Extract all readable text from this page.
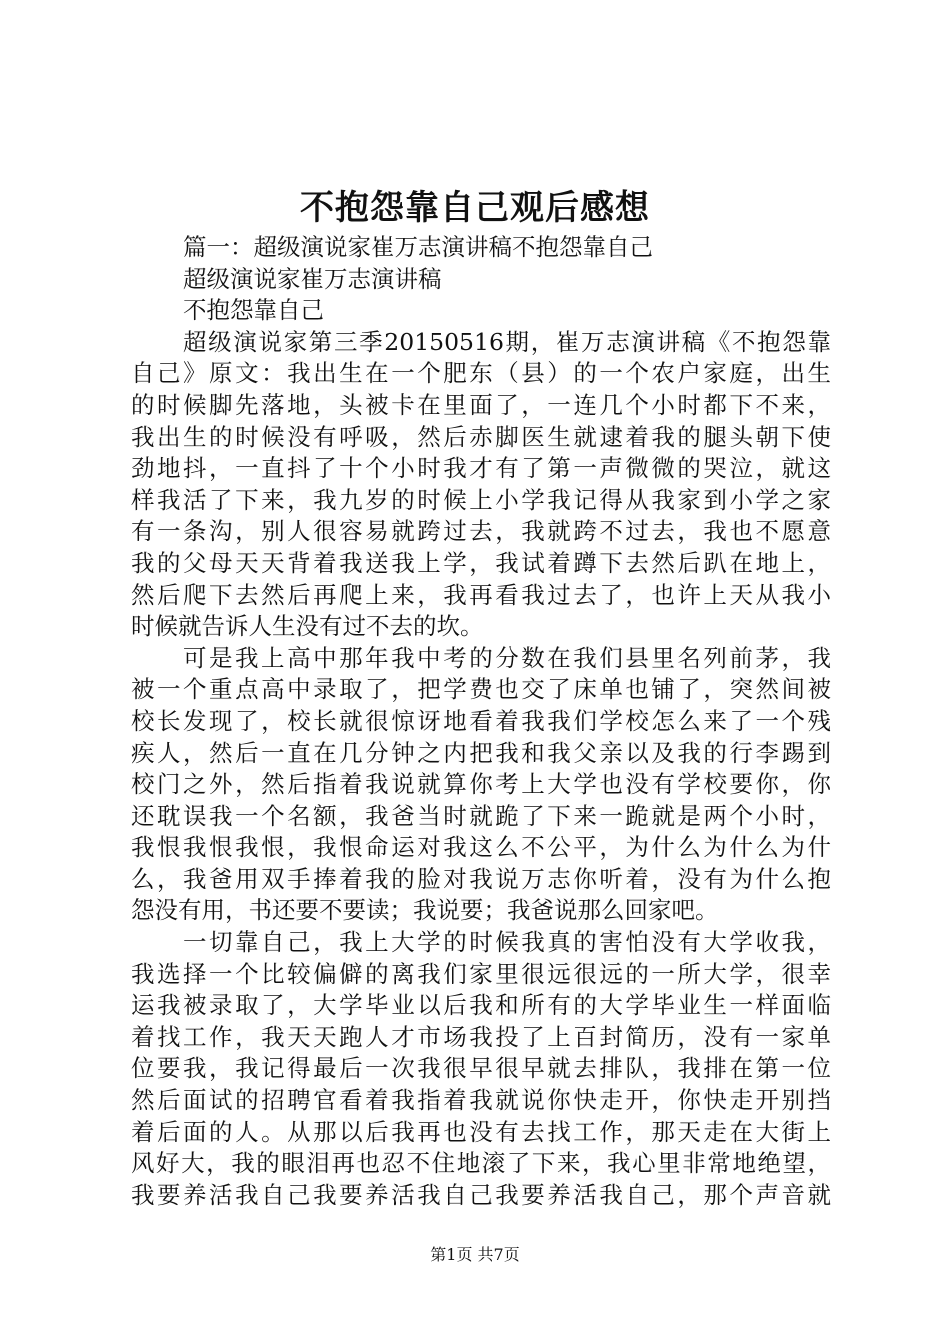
不抱怨靠自己观后感想
篇一：超级演说家崔万志演讲稿不抱怨靠自己
超级演说家崔万志演讲稿
不抱怨靠自己
超级演说家第三季20150516期，崔万志演讲稿《不抱怨靠
自己》原文：我出生在一个肥东（县）的一个农户家庭，出生
的时候脚先落地，头被卡在里面了，一连几个小时都下不来，
我出生的时候没有呼吸，然后赤脚医生就逮着我的腿头朝下使
劲地抖，一直抖了十个小时我才有了第一声微微的哭泣，就这
样我活了下来，我九岁的时候上小学我记得从我家到小学之家
有一条沟，别人很容易就跨过去，我就跨不过去，我也不愿意
我的父母天天背着我送我上学，我试着蹲下去然后趴在地上，
然后爬下去然后再爬上来，我再看我过去了，也许上天从我小
时候就告诉人生没有过不去的坎。
可是我上高中那年我中考的分数在我们县里名列前茅，我
被一个重点高中录取了，把学费也交了床单也铺了，突然间被
校长发现了，校长就很惊讶地看着我我们学校怎么来了一个残
疾人，然后一直在几分钟之内把我和我父亲以及我的行李踢到
校门之外，然后指着我说就算你考上大学也没有学校要你，你
还耽误我一个名额，我爸当时就跪了下来一跪就是两个小时，
我恨我恨我恨，我恨命运对我这么不公平，为什么为什么为什
么，我爸用双手捧着我的脸对我说万志你听着，没有为什么抱
怨没有用，书还要不要读；我说要；我爸说那么回家吧。
一切靠自己，我上大学的时候我真的害怕没有大学收我，
我选择一个比较偏僻的离我们家里很远很远的一所大学，很幸
运我被录取了，大学毕业以后我和所有的大学毕业生一样面临
着找工作，我天天跑人才市场我投了上百封简历，没有一家单
位要我，我记得最后一次我很早很早就去排队，我排在第一位
然后面试的招聘官看着我指着我就说你快走开，你快走开别挡
着后面的人。从那以后我再也没有去找工作，那天走在大街上
风好大，我的眼泪再也忍不住地滚了下来，我心里非常地绝望，
我要养活我自己我要养活我自己我要养活我自己，那个声音就
第1页 共7页
